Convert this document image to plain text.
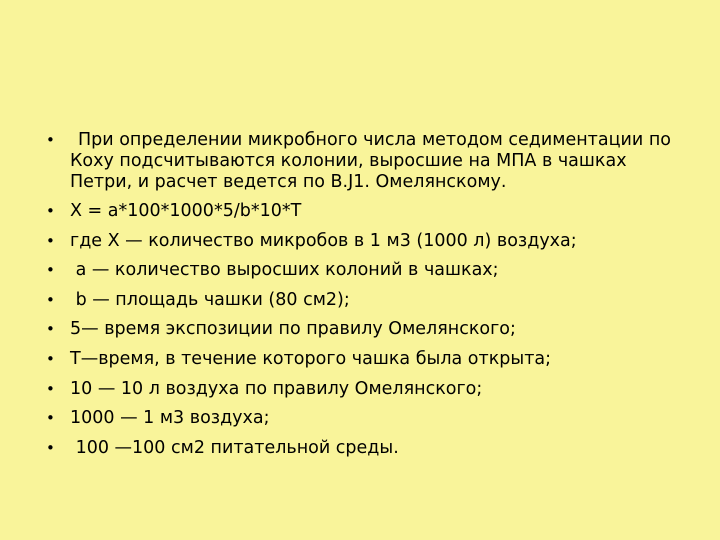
•	При определении микробного числа методом седиментации по Коху подсчитываются колонии, выросшие на МПА в чашках Петри, и расчет ведется по В.J1. Омелянскому.
• X = a*100*1000*5/b*10*T
• где Х — количество микробов в 1 м3 (1000 л) воздуха;
• а — количество выросших колоний в чашках;
• b — площадь чашки (80 см2);
• 5— время экспозиции по правилу Омелянского;
• Т—время, в течение которого чашка была открыта;
• 10 — 10 л воздуха по правилу Омелянского;
• 1000 — 1 м3 воздуха;
• 100 —100 см2 питательной среды.
